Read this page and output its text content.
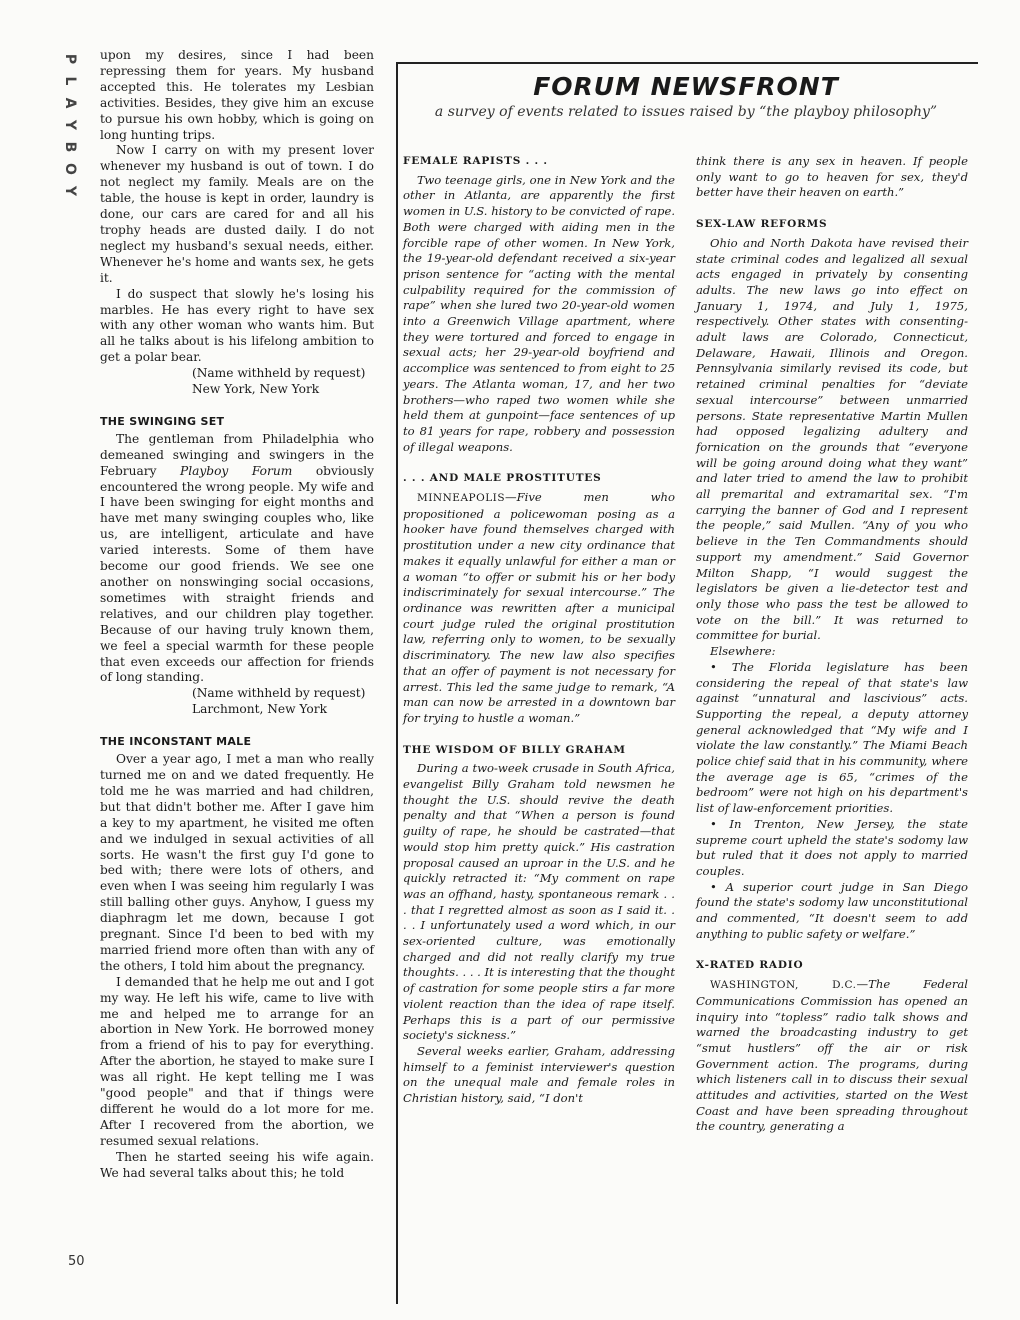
P
L
A
Y
B
O
Y
50

upon my desires, since I had been repressing them for years. My husband accepted this. He tolerates my Lesbian activities. Besides, they give him an excuse to pursue his own hobby, which is going on long hunting trips.

Now I carry on with my present lover whenever my husband is out of town. I do not neglect my family. Meals are on the table, the house is kept in order, laundry is done, our cars are cared for and all his trophy heads are dusted daily. I do not neglect my husband's sexual needs, either. Whenever he's home and wants sex, he gets it.

I do suspect that slowly he's losing his marbles. He has every right to have sex with any other woman who wants him. But all he talks about is his lifelong ambition to get a polar bear.

(Name withheld by request)
New York, New York
THE SWINGING SET

The gentleman from Philadelphia who demeaned swinging and swingers in the February Playboy Forum obviously encountered the wrong people. My wife and I have been swinging for eight months and have met many swinging couples who, like us, are intelligent, articulate and have varied interests. Some of them have become our good friends. We see one another on nonswinging social occasions, sometimes with straight friends and relatives, and our children play together. Because of our having truly known them, we feel a special warmth for these people that even exceeds our affection for friends of long standing.

(Name withheld by request)
Larchmont, New York
THE INCONSTANT MALE

Over a year ago, I met a man who really turned me on and we dated frequently. He told me he was married and had children, but that didn't bother me. After I gave him a key to my apartment, he visited me often and we indulged in sexual activities of all sorts. He wasn't the first guy I'd gone to bed with; there were lots of others, and even when I was seeing him regularly I was still balling other guys. Anyhow, I guess my diaphragm let me down, because I got pregnant. Since I'd been to bed with my married friend more often than with any of the others, I told him about the pregnancy.

I demanded that he help me out and I got my way. He left his wife, came to live with me and helped me to arrange for an abortion in New York. He borrowed money from a friend of his to pay for everything. After the abortion, he stayed to make sure I was all right. He kept telling me I was "good people" and that if things were different he would do a lot more for me. After I recovered from the abortion, we resumed sexual relations.

Then he started seeing his wife again. We had several talks about this; he told

FORUM NEWSFRONT
a survey of events related to issues raised by “the playboy philosophy”
FEMALE RAPISTS . . .

Two teenage girls, one in New York and the other in Atlanta, are apparently the first women in U.S. history to be convicted of rape. Both were charged with aiding men in the forcible rape of other women. In New York, the 19-year-old defendant received a six-year prison sentence for “acting with the mental culpability required for the commission of rape” when she lured two 20-year-old women into a Greenwich Village apartment, where they were tortured and forced to engage in sexual acts; her 29-year-old boyfriend and accomplice was sentenced to from eight to 25 years. The Atlanta woman, 17, and her two brothers—who raped two women while she held them at gunpoint—face sentences of up to 81 years for rape, robbery and possession of illegal weapons.

. . . AND MALE PROSTITUTES

MINNEAPOLIS—Five men who propositioned a policewoman posing as a hooker have found themselves charged with prostitution under a new city ordinance that makes it equally unlawful for either a man or a woman “to offer or submit his or her body indiscriminately for sexual intercourse.” The ordinance was rewritten after a municipal court judge ruled the original prostitution law, referring only to women, to be sexually discriminatory. The new law also specifies that an offer of payment is not necessary for arrest. This led the same judge to remark, “A man can now be arrested in a downtown bar for trying to hustle a woman.”

THE WISDOM OF BILLY GRAHAM

During a two-week crusade in South Africa, evangelist Billy Graham told newsmen he thought the U.S. should revive the death penalty and that “When a person is found guilty of rape, he should be castrated—that would stop him pretty quick.” His castration proposal caused an uproar in the U.S. and he quickly retracted it: “My comment on rape was an offhand, hasty, spontaneous remark . . . that I regretted almost as soon as I said it. . . . I unfortunately used a word which, in our sex-oriented culture, was emotionally charged and did not really clarify my true thoughts. . . . It is interesting that the thought of castration for some people stirs a far more violent reaction than the idea of rape itself. Perhaps this is a part of our permissive society's sickness.”

Several weeks earlier, Graham, addressing himself to a feminist interviewer's question on the unequal male and female roles in Christian history, said, “I don't

think there is any sex in heaven. If people only want to go to heaven for sex, they'd better have their heaven on earth.”

SEX-LAW REFORMS

Ohio and North Dakota have revised their state criminal codes and legalized all sexual acts engaged in privately by consenting adults. The new laws go into effect on January 1, 1974, and July 1, 1975, respectively. Other states with consenting-adult laws are Colorado, Connecticut, Delaware, Hawaii, Illinois and Oregon. Pennsylvania similarly revised its code, but retained criminal penalties for “deviate sexual intercourse” between unmarried persons. State representative Martin Mullen had opposed legalizing adultery and fornication on the grounds that “everyone will be going around doing what they want” and later tried to amend the law to prohibit all premarital and extramarital sex. “I'm carrying the banner of God and I represent the people,” said Mullen. “Any of you who believe in the Ten Commandments should support my amendment.” Said Governor Milton Shapp, “I would suggest the legislators be given a lie-detector test and only those who pass the test be allowed to vote on the bill.” It was returned to committee for burial.

Elsewhere:

• The Florida legislature has been considering the repeal of that state's law against “unnatural and lascivious” acts. Supporting the repeal, a deputy attorney general acknowledged that “My wife and I violate the law constantly.” The Miami Beach police chief said that in his community, where the average age is 65, “crimes of the bedroom” were not high on his department's list of law-enforcement priorities.

• In Trenton, New Jersey, the state supreme court upheld the state's sodomy law but ruled that it does not apply to married couples.

• A superior court judge in San Diego found the state's sodomy law unconstitutional and commented, “It doesn't seem to add anything to public safety or welfare.”

X-RATED RADIO

WASHINGTON, D.C.—The Federal Communications Commission has opened an inquiry into “topless” radio talk shows and warned the broadcasting industry to get “smut hustlers” off the air or risk Government action. The programs, during which listeners call in to discuss their sexual attitudes and activities, started on the West Coast and have been spreading throughout the country, generating a
